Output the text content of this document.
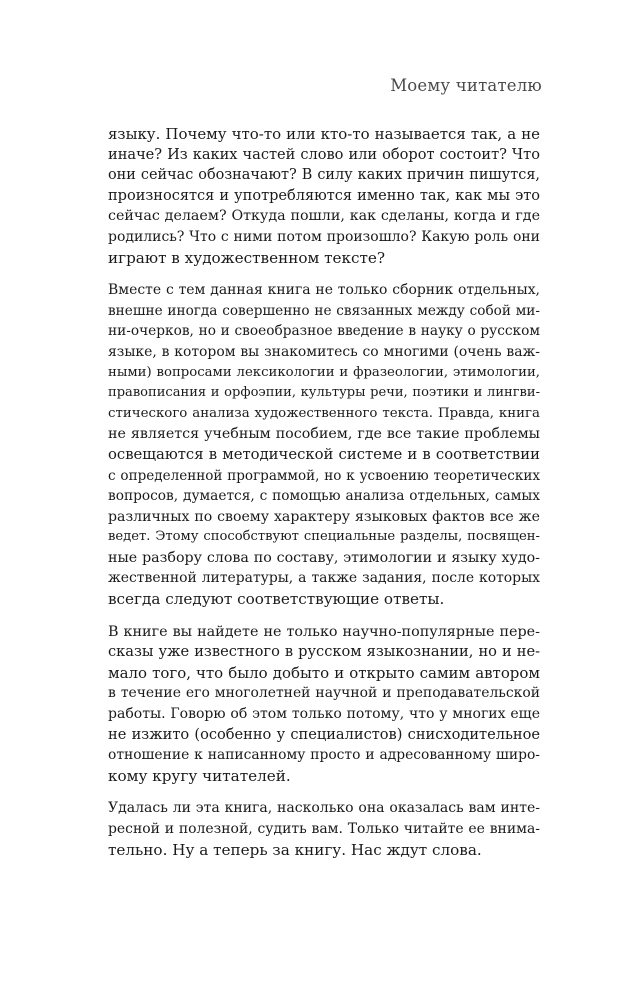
Моему читателю

языку. Почему что-то или кто-то называется так, а не
иначе? Из каких частей слово или оборот состоит? Что
они сейчас обозначают? В силу каких причин пишутся,
произносятся и употребляются именно так, как мы это
сейчас делаем? Откуда пошли, как сделаны, когда и где
родились? Что с ними потом произошло? Какую роль они
играют в художественном тексте?

Вместе с тем данная книга не только сборник отдельных,
внешне иногда совершенно не связанных между собой ми-
ни-очерков, но и своеобразное введение в науку о русском
языке, в котором вы знакомитесь со многими (очень важ-
ными) вопросами лексикологии и фразеологии, этимологии,
правописания и орфоэпии, культуры речи, поэтики и лингви-
стического анализа художественного текста. Правда, книга
не является учебным пособием, где все такие проблемы
освещаются в методической системе и в соответствии
с определенной программой, но к усвоению теоретических
вопросов, думается, с помощью анализа отдельных, самых
различных по своему характеру языковых фактов все же
ведет. Этому способствуют специальные разделы, посвящен-
ные разбору слова по составу, этимологии и языку худо-
жественной литературы, а также задания, после которых
всегда следуют соответствующие ответы.

В книге вы найдете не только научно-популярные пере-
сказы уже известного в русском языкознании, но и не-
мало того, что было добыто и открыто самим автором
в течение его многолетней научной и преподавательской
работы. Говорю об этом только потому, что у многих еще
не изжито (особенно у специалистов) снисходительное
отношение к написанному просто и адресованному широ-
кому кругу читателей.

Удалась ли эта книга, насколько она оказалась вам инте-
ресной и полезной, судить вам. Только читайте ее внима-
тельно. Ну а теперь за книгу. Нас ждут слова.
